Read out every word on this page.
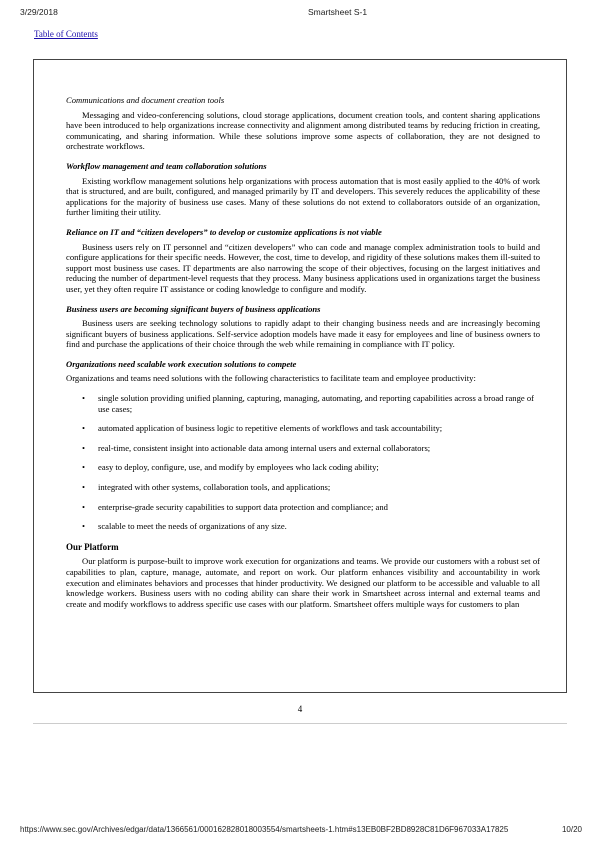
3/29/2018	Smartsheet S-1
Table of Contents
Communications and document creation tools

Messaging and video-conferencing solutions, cloud storage applications, document creation tools, and content sharing applications have been introduced to help organizations increase connectivity and alignment among distributed teams by reducing friction in creating, communicating, and sharing information. While these solutions improve some aspects of collaboration, they are not designed to orchestrate workflows.

Workflow management and team collaboration solutions

Existing workflow management solutions help organizations with process automation that is most easily applied to the 40% of work that is structured, and are built, configured, and managed primarily by IT and developers. This severely reduces the applicability of these applications for the majority of business use cases. Many of these solutions do not extend to collaborators outside of an organization, further limiting their utility.

Reliance on IT and “citizen developers” to develop or customize applications is not viable

Business users rely on IT personnel and “citizen developers” who can code and manage complex administration tools to build and configure applications for their specific needs. However, the cost, time to develop, and rigidity of these solutions makes them ill-suited to support most business use cases. IT departments are also narrowing the scope of their objectives, focusing on the largest initiatives and reducing the number of department-level requests that they process. Many business applications used in organizations target the business user, yet they often require IT assistance or coding knowledge to configure and modify.

Business users are becoming significant buyers of business applications

Business users are seeking technology solutions to rapidly adapt to their changing business needs and are increasingly becoming significant buyers of business applications. Self-service adoption models have made it easy for employees and line of business owners to find and purchase the applications of their choice through the web while remaining in compliance with IT policy.

Organizations need scalable work execution solutions to compete

Organizations and teams need solutions with the following characteristics to facilitate team and employee productivity:

• single solution providing unified planning, capturing, managing, automating, and reporting capabilities across a broad range of use cases;
• automated application of business logic to repetitive elements of workflows and task accountability;
• real-time, consistent insight into actionable data among internal users and external collaborators;
• easy to deploy, configure, use, and modify by employees who lack coding ability;
• integrated with other systems, collaboration tools, and applications;
• enterprise-grade security capabilities to support data protection and compliance; and
• scalable to meet the needs of organizations of any size.
Our Platform

Our platform is purpose-built to improve work execution for organizations and teams. We provide our customers with a robust set of capabilities to plan, capture, manage, automate, and report on work. Our platform enhances visibility and accountability in work execution and eliminates behaviors and processes that hinder productivity. We designed our platform to be accessible and valuable to all knowledge workers. Business users with no coding ability can share their work in Smartsheet across internal and external teams and create and modify workflows to address specific use cases with our platform. Smartsheet offers multiple ways for customers to plan

4
https://www.sec.gov/Archives/edgar/data/1366561/000162828018003554/smartsheets-1.htm#s13EB0BF2BD8928C81D6F967033A17825	10/20
